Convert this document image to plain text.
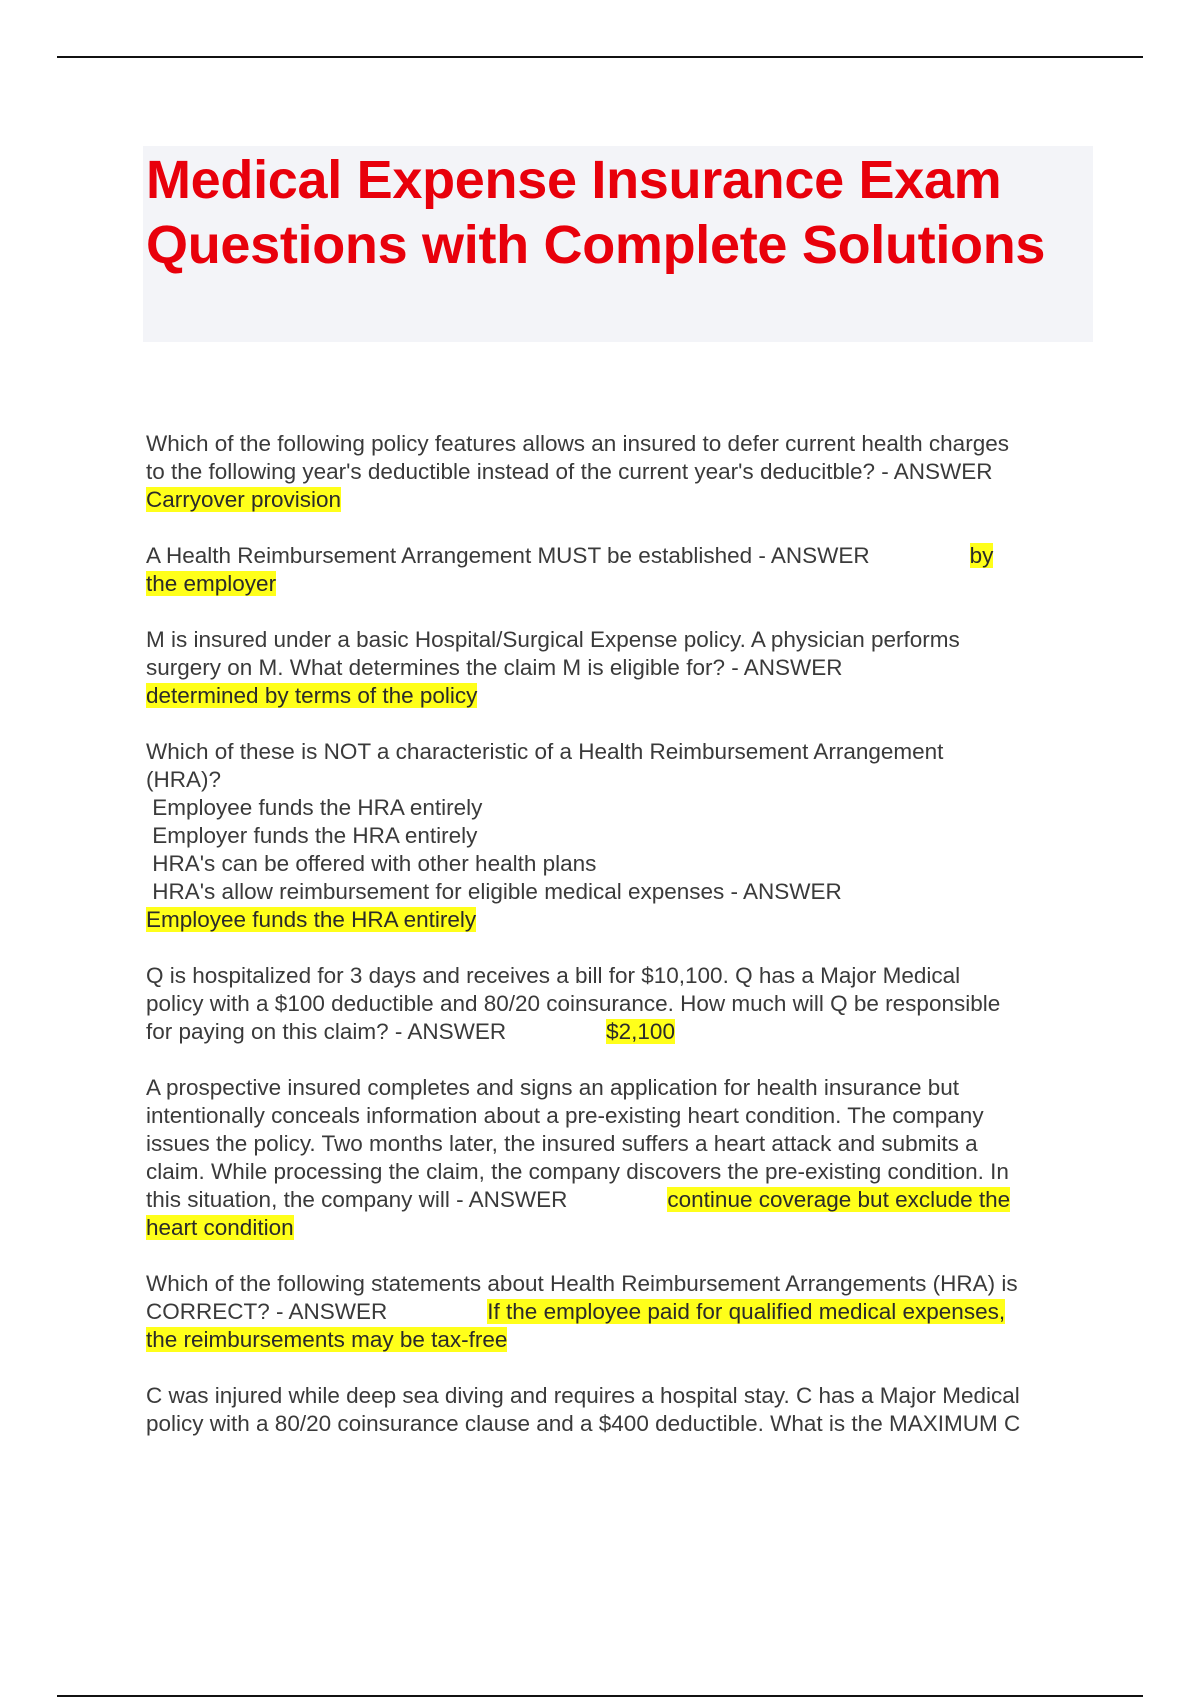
Medical Expense Insurance Exam Questions with Complete Solutions
Which of the following policy features allows an insured to defer current health charges
to the following year's deductible instead of the current year's deducitble? - ANSWER
Carryover provision
A Health Reimbursement Arrangement MUST be established - ANSWER	by
the employer
M is insured under a basic Hospital/Surgical Expense policy. A physician performs
surgery on M. What determines the claim M is eligible for? - ANSWER
determined by terms of the policy
Which of these is NOT a characteristic of a Health Reimbursement Arrangement
(HRA)?
Employee funds the HRA entirely
Employer funds the HRA entirely
HRA's can be offered with other health plans
HRA's allow reimbursement for eligible medical expenses - ANSWER
Employee funds the HRA entirely
Q is hospitalized for 3 days and receives a bill for $10,100. Q has a Major Medical
policy with a $100 deductible and 80/20 coinsurance. How much will Q be responsible
for paying on this claim? - ANSWER	$2,100
A prospective insured completes and signs an application for health insurance but
intentionally conceals information about a pre-existing heart condition. The company
issues the policy. Two months later, the insured suffers a heart attack and submits a
claim. While processing the claim, the company discovers the pre-existing condition. In
this situation, the company will - ANSWER	continue coverage but exclude the
heart condition
Which of the following statements about Health Reimbursement Arrangements (HRA) is
CORRECT? - ANSWER	If the employee paid for qualified medical expenses,
the reimbursements may be tax-free
C was injured while deep sea diving and requires a hospital stay. C has a Major Medical
policy with a 80/20 coinsurance clause and a $400 deductible. What is the MAXIMUM C
